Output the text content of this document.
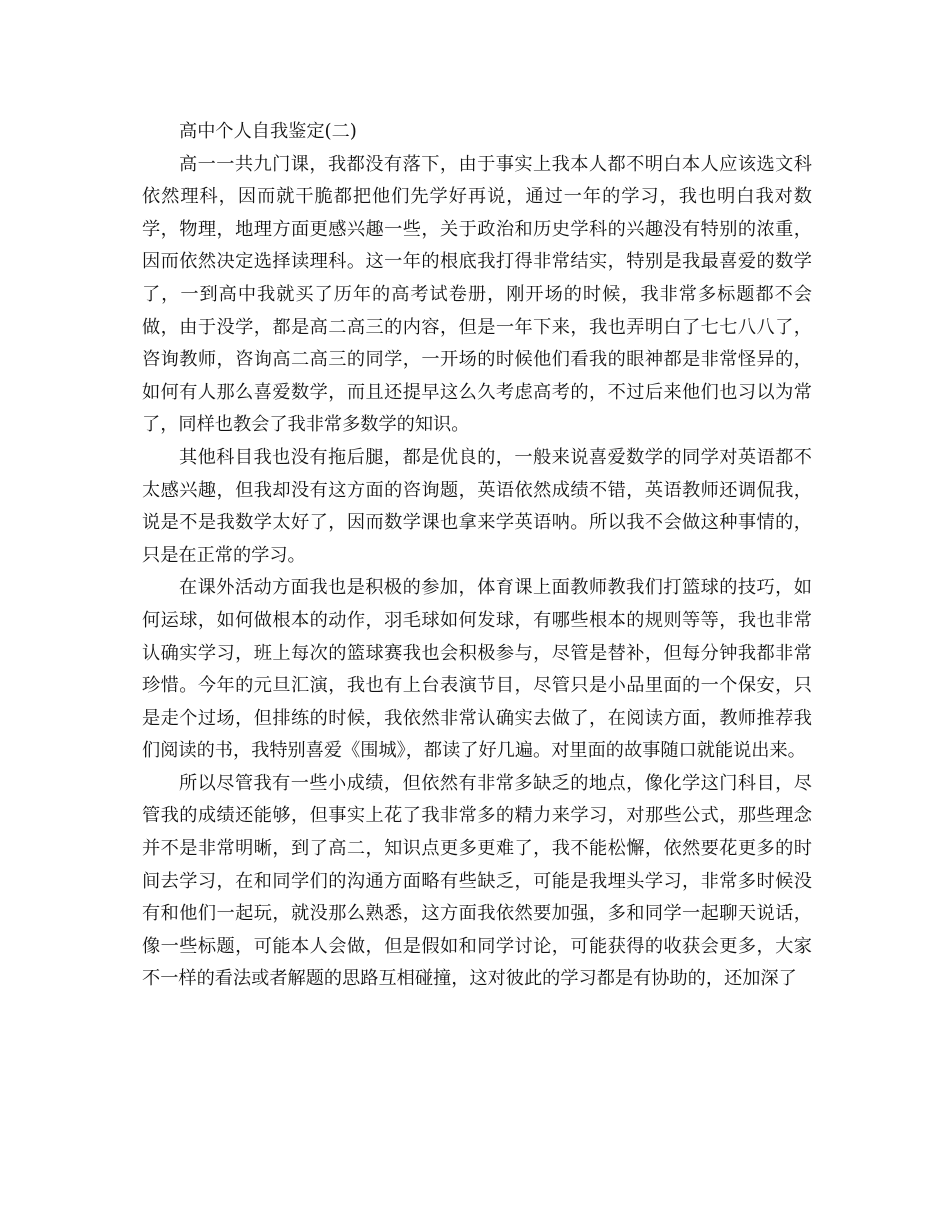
高中个人自我鉴定(二)

高一一共九门课，我都没有落下，由于事实上我本人都不明白本人应该选文科依然理科，因而就干脆都把他们先学好再说，通过一年的学习，我也明白我对数学，物理，地理方面更感兴趣一些，关于政治和历史学科的兴趣没有特别的浓重，因而依然决定选择读理科。这一年的根底我打得非常结实，特别是我最喜爱的数学了，一到高中我就买了历年的高考试卷册，刚开场的时候，我非常多标题都不会做，由于没学，都是高二高三的内容，但是一年下来，我也弄明白了七七八八了，咨询教师，咨询高二高三的同学，一开场的时候他们看我的眼神都是非常怪异的，如何有人那么喜爱数学，而且还提早这么久考虑高考的，不过后来他们也习以为常了，同样也教会了我非常多数学的知识。

其他科目我也没有拖后腿，都是优良的，一般来说喜爱数学的同学对英语都不太感兴趣，但我却没有这方面的咨询题，英语依然成绩不错，英语教师还调侃我，说是不是我数学太好了，因而数学课也拿来学英语呐。所以我不会做这种事情的，只是在正常的学习。

在课外活动方面我也是积极的参加，体育课上面教师教我们打篮球的技巧，如何运球，如何做根本的动作，羽毛球如何发球，有哪些根本的规则等等，我也非常认确实学习，班上每次的篮球赛我也会积极参与，尽管是替补，但每分钟我都非常珍惜。今年的元旦汇演，我也有上台表演节目，尽管只是小品里面的一个保安，只是走个过场，但排练的时候，我依然非常认确实去做了，在阅读方面，教师推荐我们阅读的书，我特别喜爱《围城》，都读了好几遍。对里面的故事随口就能说出来。

所以尽管我有一些小成绩，但依然有非常多缺乏的地点，像化学这门科目，尽管我的成绩还能够，但事实上花了我非常多的精力来学习，对那些公式，那些理念并不是非常明晰，到了高二，知识点更多更难了，我不能松懈，依然要花更多的时间去学习，在和同学们的沟通方面略有些缺乏，可能是我埋头学习，非常多时候没有和他们一起玩，就没那么熟悉，这方面我依然要加强，多和同学一起聊天说话，像一些标题，可能本人会做，但是假如和同学讨论，可能获得的收获会更多，大家不一样的看法或者解题的思路互相碰撞，这对彼此的学习都是有协助的，还加深了
